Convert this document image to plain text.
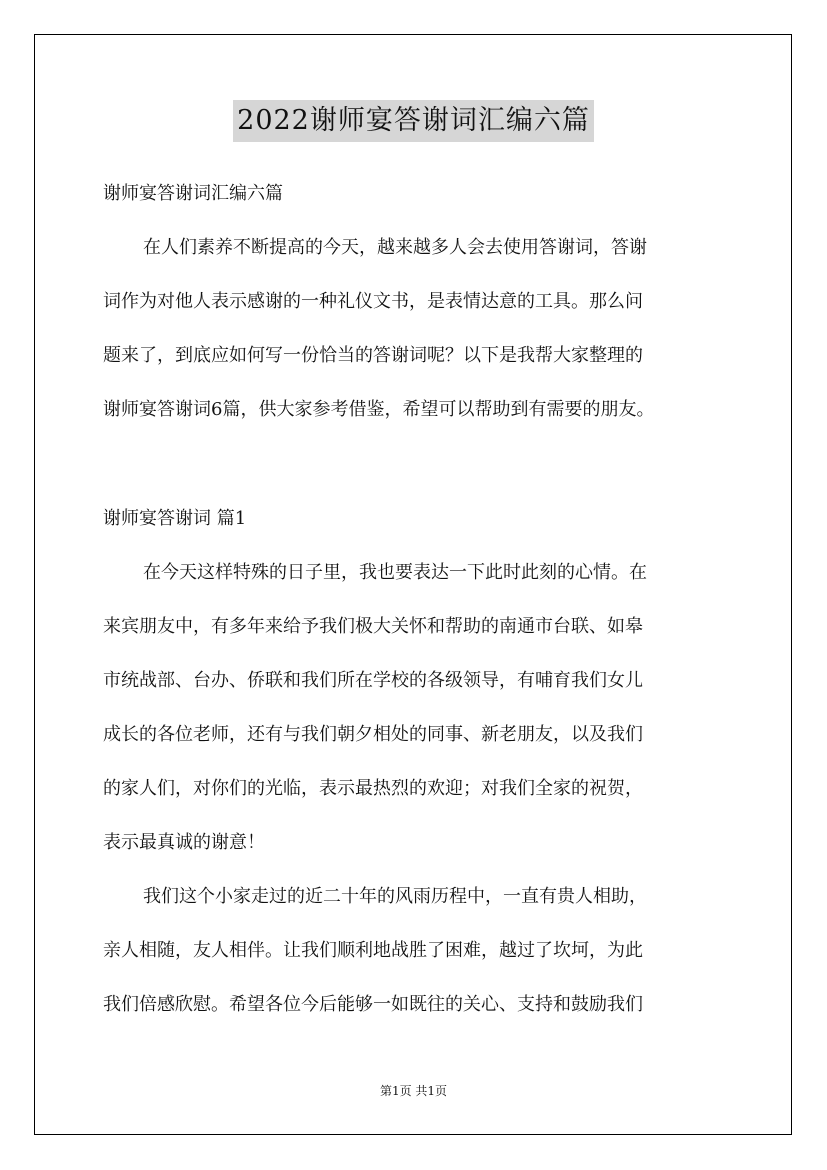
2022谢师宴答谢词汇编六篇
谢师宴答谢词汇编六篇
在人们素养不断提高的今天，越来越多人会去使用答谢词，答谢
词作为对他人表示感谢的一种礼仪文书，是表情达意的工具。那么问
题来了，到底应如何写一份恰当的答谢词呢？以下是我帮大家整理的
谢师宴答谢词6篇，供大家参考借鉴，希望可以帮助到有需要的朋友。
谢师宴答谢词 篇1
在今天这样特殊的日子里，我也要表达一下此时此刻的心情。在
来宾朋友中，有多年来给予我们极大关怀和帮助的南通市台联、如皋
市统战部、台办、侨联和我们所在学校的各级领导，有哺育我们女儿
成长的各位老师，还有与我们朝夕相处的同事、新老朋友，以及我们
的家人们，对你们的光临，表示最热烈的欢迎；对我们全家的祝贺，
表示最真诚的谢意！
我们这个小家走过的近二十年的风雨历程中，一直有贵人相助，
亲人相随，友人相伴。让我们顺利地战胜了困难，越过了坎坷，为此
我们倍感欣慰。希望各位今后能够一如既往的关心、支持和鼓励我们
第1页 共1页
